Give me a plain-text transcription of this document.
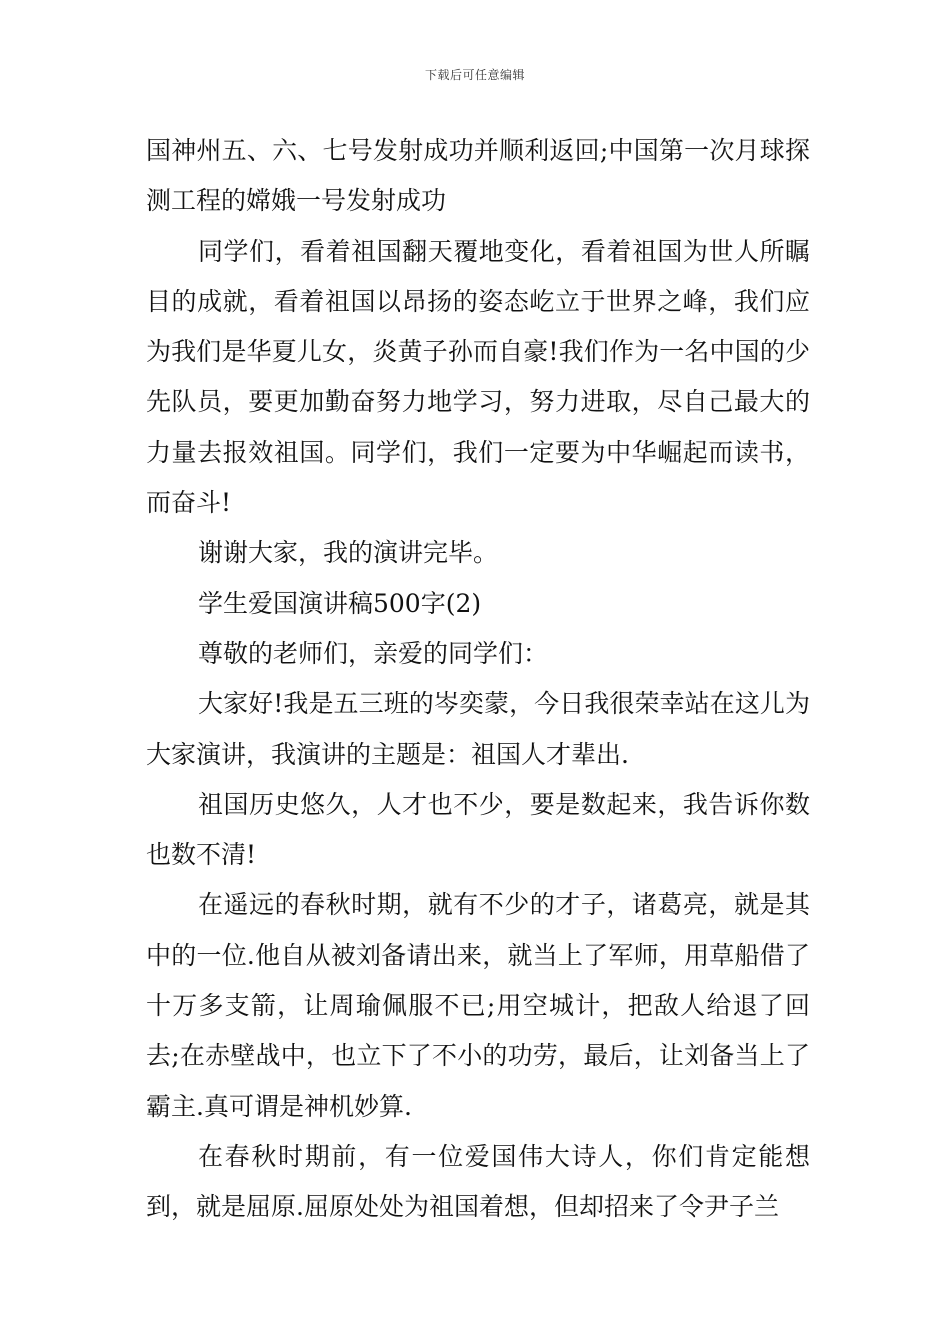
下载后可任意编辑

国神州五、六、七号发射成功并顺利返回;中国第一次月球探测工程的嫦娥一号发射成功

同学们，看着祖国翻天覆地变化，看着祖国为世人所瞩目的成就，看着祖国以昂扬的姿态屹立于世界之峰，我们应为我们是华夏儿女，炎黄子孙而自豪!我们作为一名中国的少先队员，要更加勤奋努力地学习，努力进取，尽自己最大的力量去报效祖国。同学们，我们一定要为中华崛起而读书，而奋斗!

谢谢大家，我的演讲完毕。

学生爱国演讲稿500字(2)

尊敬的老师们，亲爱的同学们：

大家好!我是五三班的岑奕蒙，今日我很荣幸站在这儿为大家演讲，我演讲的主题是：祖国人才辈出.

祖国历史悠久，人才也不少，要是数起来，我告诉你数也数不清!

在遥远的春秋时期，就有不少的才子，诸葛亮，就是其中的一位.他自从被刘备请出来，就当上了军师，用草船借了十万多支箭，让周瑜佩服不已;用空城计，把敌人给退了回去;在赤壁战中，也立下了不小的功劳，最后，让刘备当上了霸主.真可谓是神机妙算.

在春秋时期前，有一位爱国伟大诗人，你们肯定能想到，就是屈原.屈原处处为祖国着想，但却招来了令尹子兰
